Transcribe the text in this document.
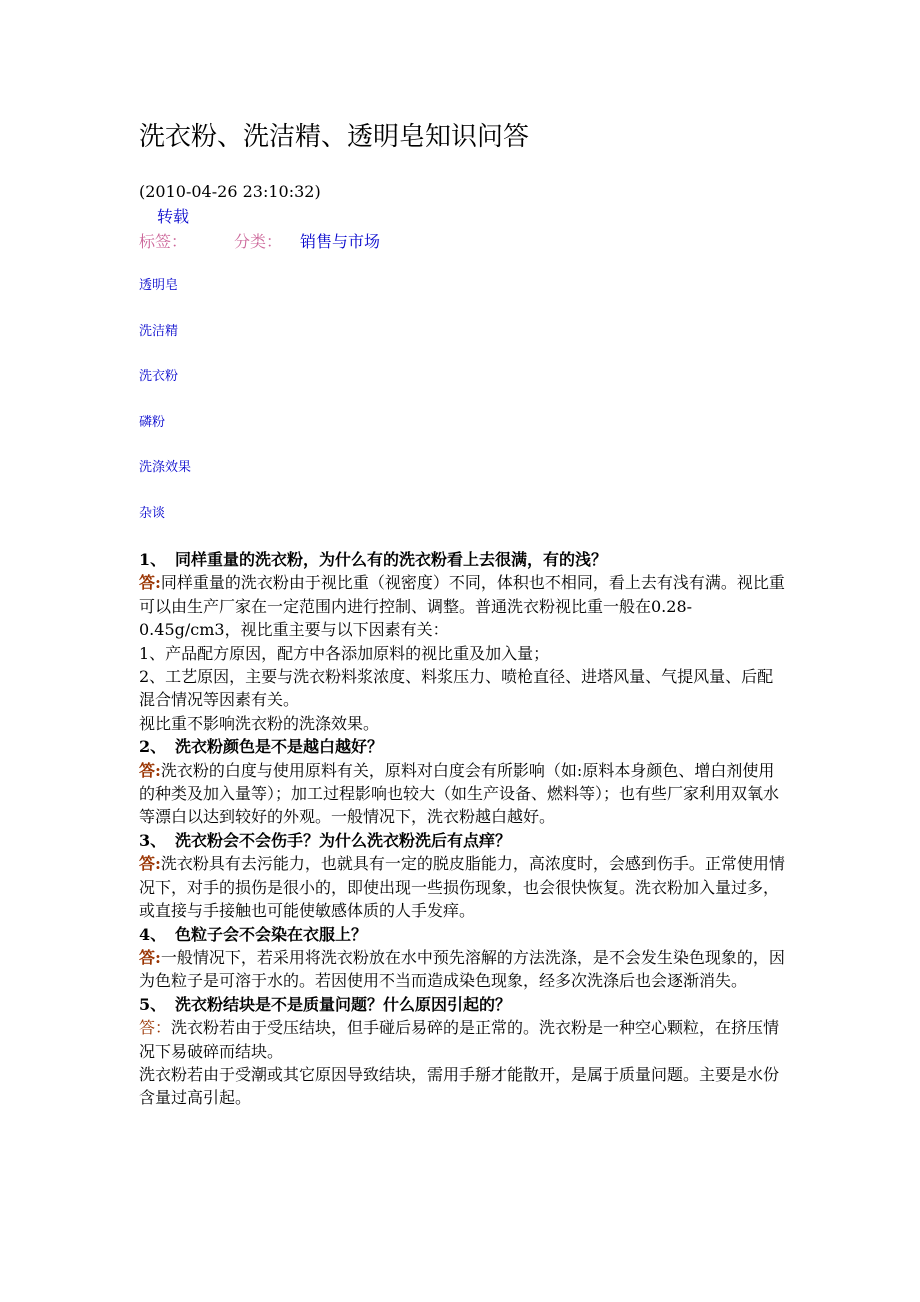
洗衣粉、洗洁精、透明皂知识问答
(2010-04-26 23:10:32)
转载
标签：	分类： 销售与市场
透明皂
洗洁精
洗衣粉
磷粉
洗涤效果
杂谈

1、 同样重量的洗衣粉，为什么有的洗衣粉看上去很满，有的浅？

答:同样重量的洗衣粉由于视比重（视密度）不同，体积也不相同，看上去有浅有满。视比重可以由生产厂家在一定范围内进行控制、调整。普通洗衣粉视比重一般在0.28-0.45g/cm3，视比重主要与以下因素有关：

1、产品配方原因，配方中各添加原料的视比重及加入量；

2、工艺原因，主要与洗衣粉料浆浓度、料浆压力、喷枪直径、进塔风量、气提风量、后配混合情况等因素有关。

视比重不影响洗衣粉的洗涤效果。

2、 洗衣粉颜色是不是越白越好？

答:洗衣粉的白度与使用原料有关，原料对白度会有所影响（如:原料本身颜色、增白剂使用的种类及加入量等）；加工过程影响也较大（如生产设备、燃料等）；也有些厂家利用双氧水等漂白以达到较好的外观。一般情况下，洗衣粉越白越好。

3、 洗衣粉会不会伤手？为什么洗衣粉洗后有点痒？

答:洗衣粉具有去污能力，也就具有一定的脱皮脂能力，高浓度时，会感到伤手。正常使用情况下，对手的损伤是很小的，即使出现一些损伤现象，也会很快恢复。洗衣粉加入量过多，或直接与手接触也可能使敏感体质的人手发痒。

4、 色粒子会不会染在衣服上？

答:一般情况下，若采用将洗衣粉放在水中预先溶解的方法洗涤，是不会发生染色现象的，因为色粒子是可溶于水的。若因使用不当而造成染色现象，经多次洗涤后也会逐渐消失。

5、 洗衣粉结块是不是质量问题？什么原因引起的？

答：洗衣粉若由于受压结块，但手碰后易碎的是正常的。洗衣粉是一种空心颗粒，在挤压情况下易破碎而结块。

洗衣粉若由于受潮或其它原因导致结块，需用手掰才能散开，是属于质量问题。主要是水份含量过高引起。
